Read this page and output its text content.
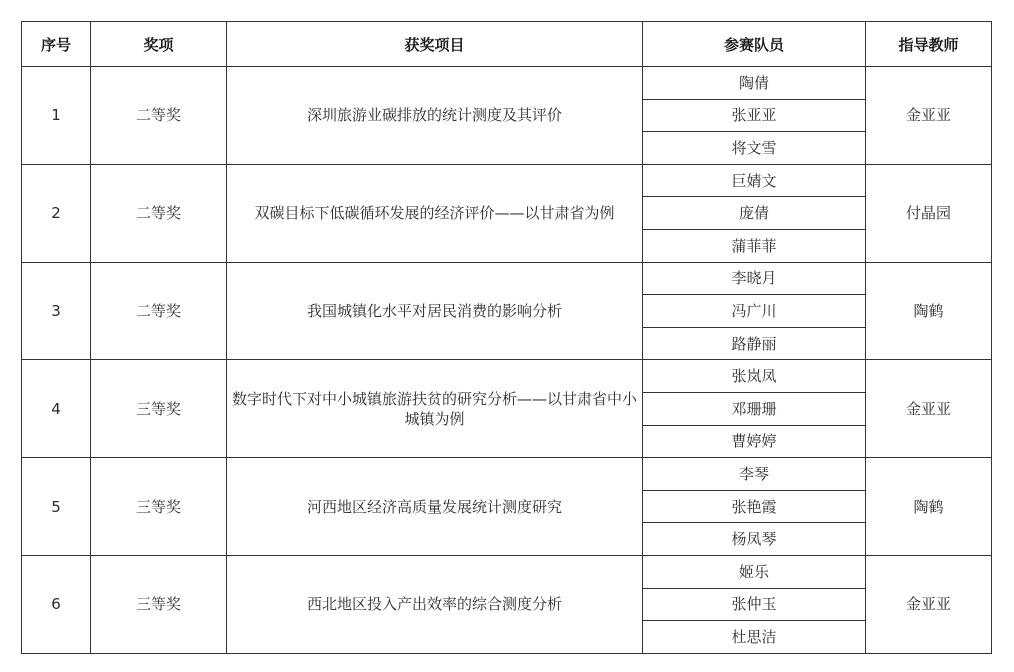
序号	奖项	获奖项目	参赛队员	指导教师
1	二等奖	深圳旅游业碳排放的统计测度及其评价	陶倩	金亚亚
			张亚亚	
			将文雪	
2	二等奖	双碳目标下低碳循环发展的经济评价——以甘肃省为例	巨婧文	付晶园
			庞倩	
			蒲菲菲	
3	二等奖	我国城镇化水平对居民消费的影响分析	李晓月	陶鹤
			冯广川	
			路静丽	
4	三等奖	数字时代下对中小城镇旅游扶贫的研究分析——以甘肃省中小城镇为例	张岚凤	金亚亚
			邓珊珊	
			曹婷婷	
5	三等奖	河西地区经济高质量发展统计测度研究	李琴	陶鹤
			张艳霞	
			杨凤琴	
6	三等奖	西北地区投入产出效率的综合测度分析	姬乐	金亚亚
			张仲玉	
			杜思洁	
